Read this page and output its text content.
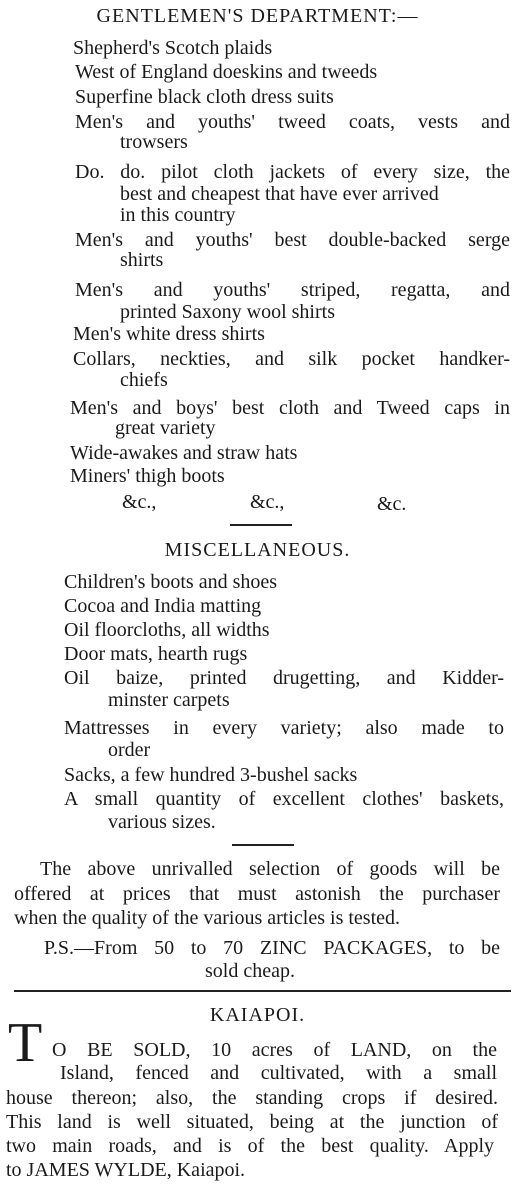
GENTLEMEN'S DEPARTMENT:—
Shepherd's Scotch plaids
West of England doeskins and tweeds
Superfine black cloth dress suits
Men's and youths' tweed coats, vests and
trowsers
Do. do. pilot cloth jackets of every size, the
best and cheapest that have ever arrived
in this country
Men's and youths' best double-backed serge
shirts
Men's and youths' striped, regatta, and
printed Saxony wool shirts
Men's white dress shirts
Collars, neckties, and silk pocket handker-
chiefs
Men's and boys' best cloth and Tweed caps in
great variety
Wide-awakes and straw hats
Miners' thigh boots
&c.,	&c.,	&c.
MISCELLANEOUS.
Children's boots and shoes
Cocoa and India matting
Oil floorcloths, all widths
Door mats, hearth rugs
Oil baize, printed drugetting, and Kidder-
minster carpets
Mattresses in every variety; also made to
order
Sacks, a few hundred 3-bushel sacks
A small quantity of excellent clothes' baskets,
various sizes.
The above unrivalled selection of goods will be
offered at prices that must astonish the purchaser
when the quality of the various articles is tested.
P.S.—From 50 to 70 ZINC PACKAGES, to be
sold cheap.
KAIAPOI.
T O BE SOLD, 10 acres of LAND, on the
Island, fenced and cultivated, with a small
house thereon; also, the standing crops if desired.
This land is well situated, being at the junction of
two main roads, and is of the best quality. Apply
to JAMES WYLDE, Kaiapoi.
